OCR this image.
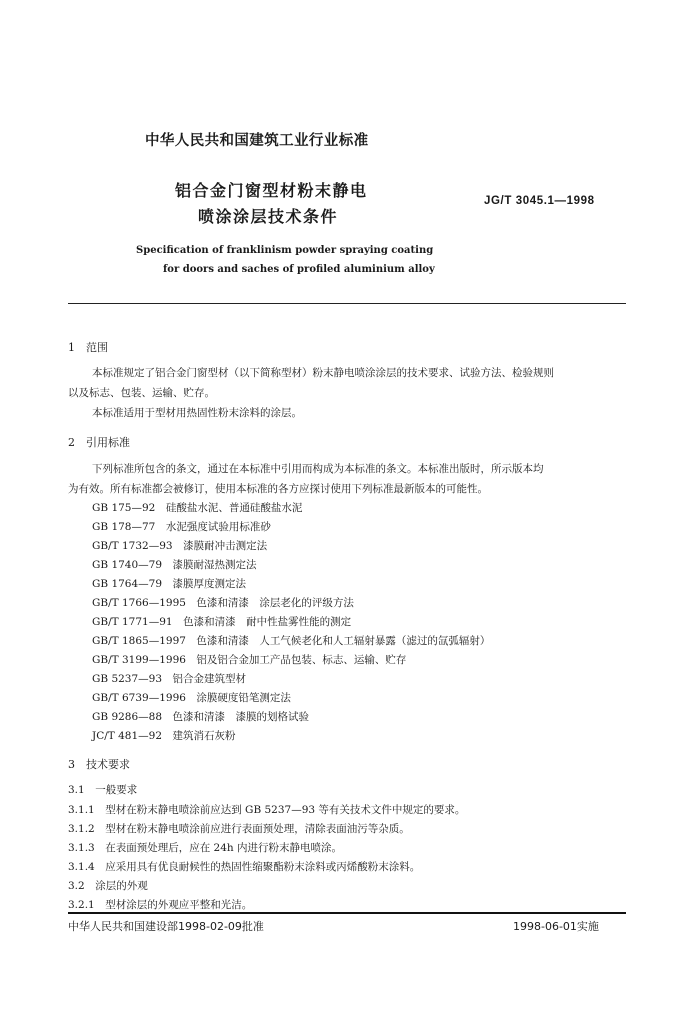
中华人民共和国建筑工业行业标准
铝合金门窗型材粉末静电
喷涂涂层技术条件
JG/T 3045.1—1998
Specification of franklinism powder spraying coating
for doors and saches of profiled aluminium alloy
1　范围
本标准规定了铝合金门窗型材（以下简称型材）粉末静电喷涂涂层的技术要求、试验方法、检验规则
以及标志、包装、运输、贮存。
本标准适用于型材用热固性粉末涂料的涂层。
2　引用标准
下列标准所包含的条文，通过在本标准中引用而构成为本标准的条文。本标准出版时，所示版本均
为有效。所有标准都会被修订，使用本标准的各方应探讨使用下列标准最新版本的可能性。
GB 175—92　硅酸盐水泥、普通硅酸盐水泥
GB 178—77　水泥强度试验用标准砂
GB/T 1732—93　漆膜耐冲击测定法
GB 1740—79　漆膜耐湿热测定法
GB 1764—79　漆膜厚度测定法
GB/T 1766—1995　色漆和清漆　涂层老化的评级方法
GB/T 1771—91　色漆和清漆　耐中性盐雾性能的测定
GB/T 1865—1997　色漆和清漆　人工气候老化和人工辐射暴露（滤过的氙弧辐射）
GB/T 3199—1996　铝及铝合金加工产品包装、标志、运输、贮存
GB 5237—93　铝合金建筑型材
GB/T 6739—1996　涂膜硬度铅笔测定法
GB 9286—88　色漆和清漆　漆膜的划格试验
JC/T 481—92　建筑消石灰粉
3　技术要求
3.1　一般要求
3.1.1　型材在粉末静电喷涂前应达到 GB 5237—93 等有关技术文件中规定的要求。
3.1.2　型材在粉末静电喷涂前应进行表面预处理，清除表面油污等杂质。
3.1.3　在表面预处理后，应在 24h 内进行粉末静电喷涂。
3.1.4　应采用具有优良耐候性的热固性缩聚酯粉末涂料或丙烯酸粉末涂料。
3.2　涂层的外观
3.2.1　型材涂层的外观应平整和光洁。
中华人民共和国建设部1998-02-09批准	1998-06-01实施
